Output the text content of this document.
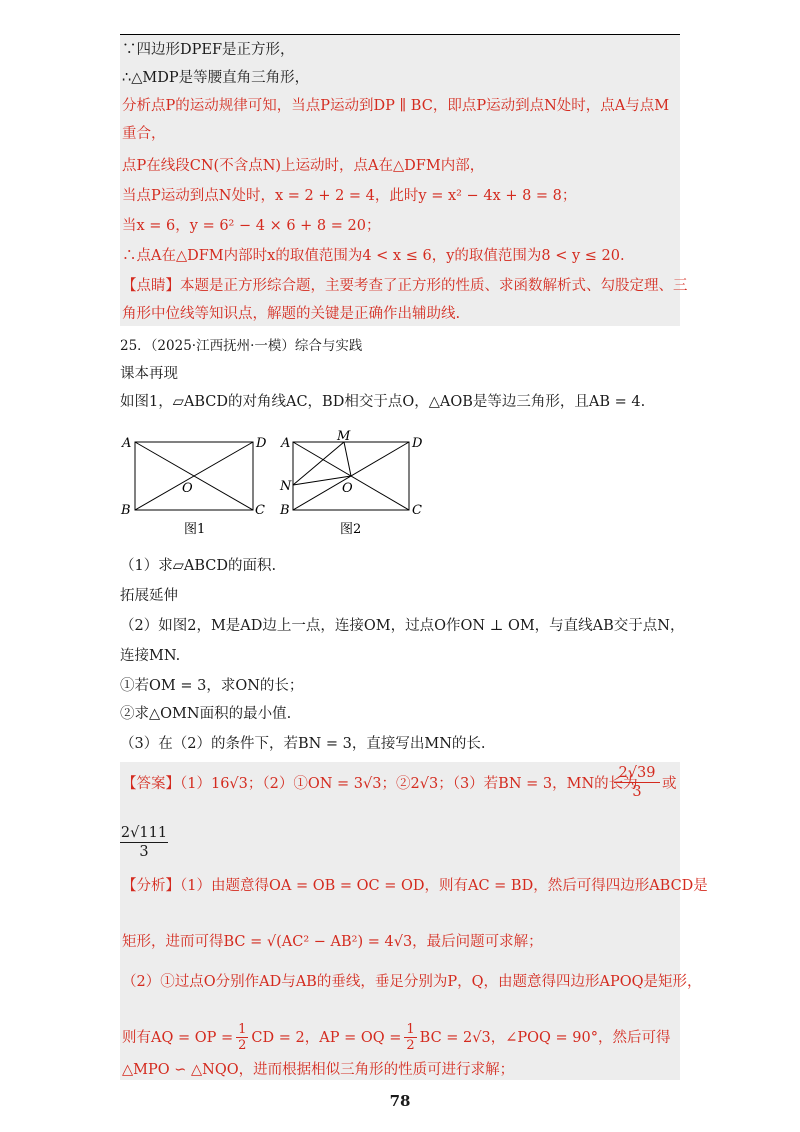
∵四边形DPEF是正方形，
∴△MDP是等腰直角三角形，
分析点P的运动规律可知，当点P运动到DP ∥ BC，即点P运动到点N处时，点A与点M
重合，
点P在线段CN(不含点N)上运动时，点A在△DFM内部，
当点P运动到点N处时，x = 2 + 2 = 4，此时y = x² − 4x + 8 = 8；
当x = 6，y = 6² − 4 × 6 + 8 = 20；
∴点A在△DFM内部时x的取值范围为4 < x ≤ 6，y的取值范围为8 < y ≤ 20.
【点睛】本题是正方形综合题，主要考查了正方形的性质、求函数解析式、勾股定理、三
角形中位线等知识点，解题的关键是正确作出辅助线.
25．（2025·江西抚州·一模）综合与实践
课本再现
如图1，▱ABCD的对角线AC，BD相交于点O，△AOB是等边三角形，且AB = 4.
A	D
B	C
O
图1
A	D
M
N
B	C
O
图2
（1）求▱ABCD的面积.
拓展延伸
（2）如图2，M是AD边上一点，连接OM，过点O作ON ⊥ OM，与直线AB交于点N，
连接MN.
①若OM = 3，求ON的长；
②求△OMN面积的最小值.
（3）在（2）的条件下，若BN = 3，直接写出MN的长.
【答案】（1）16√3；（2）①ON = 3√3；②2√3；（3）若BN = 3，MN的长为
$\frac{2√39}{3}$ 或
$\frac{2√111}{3}$
【分析】（1）由题意得OA = OB = OC = OD，则有AC = BD，然后可得四边形ABCD是
矩形，进而可得BC = √(AC² − AB²) = 4√3，最后问题可求解；
（2）①过点O分别作AD与AB的垂线，垂足分别为P，Q，由题意得四边形APOQ是矩形，
则有AQ = OP = $\frac{1}{2}$ CD = 2，AP = OQ = $\frac{1}{2}$ BC = 2√3，∠POQ = 90°，然后可得
△MPO ∽ △NQO，进而根据相似三角形的性质可进行求解；
78
